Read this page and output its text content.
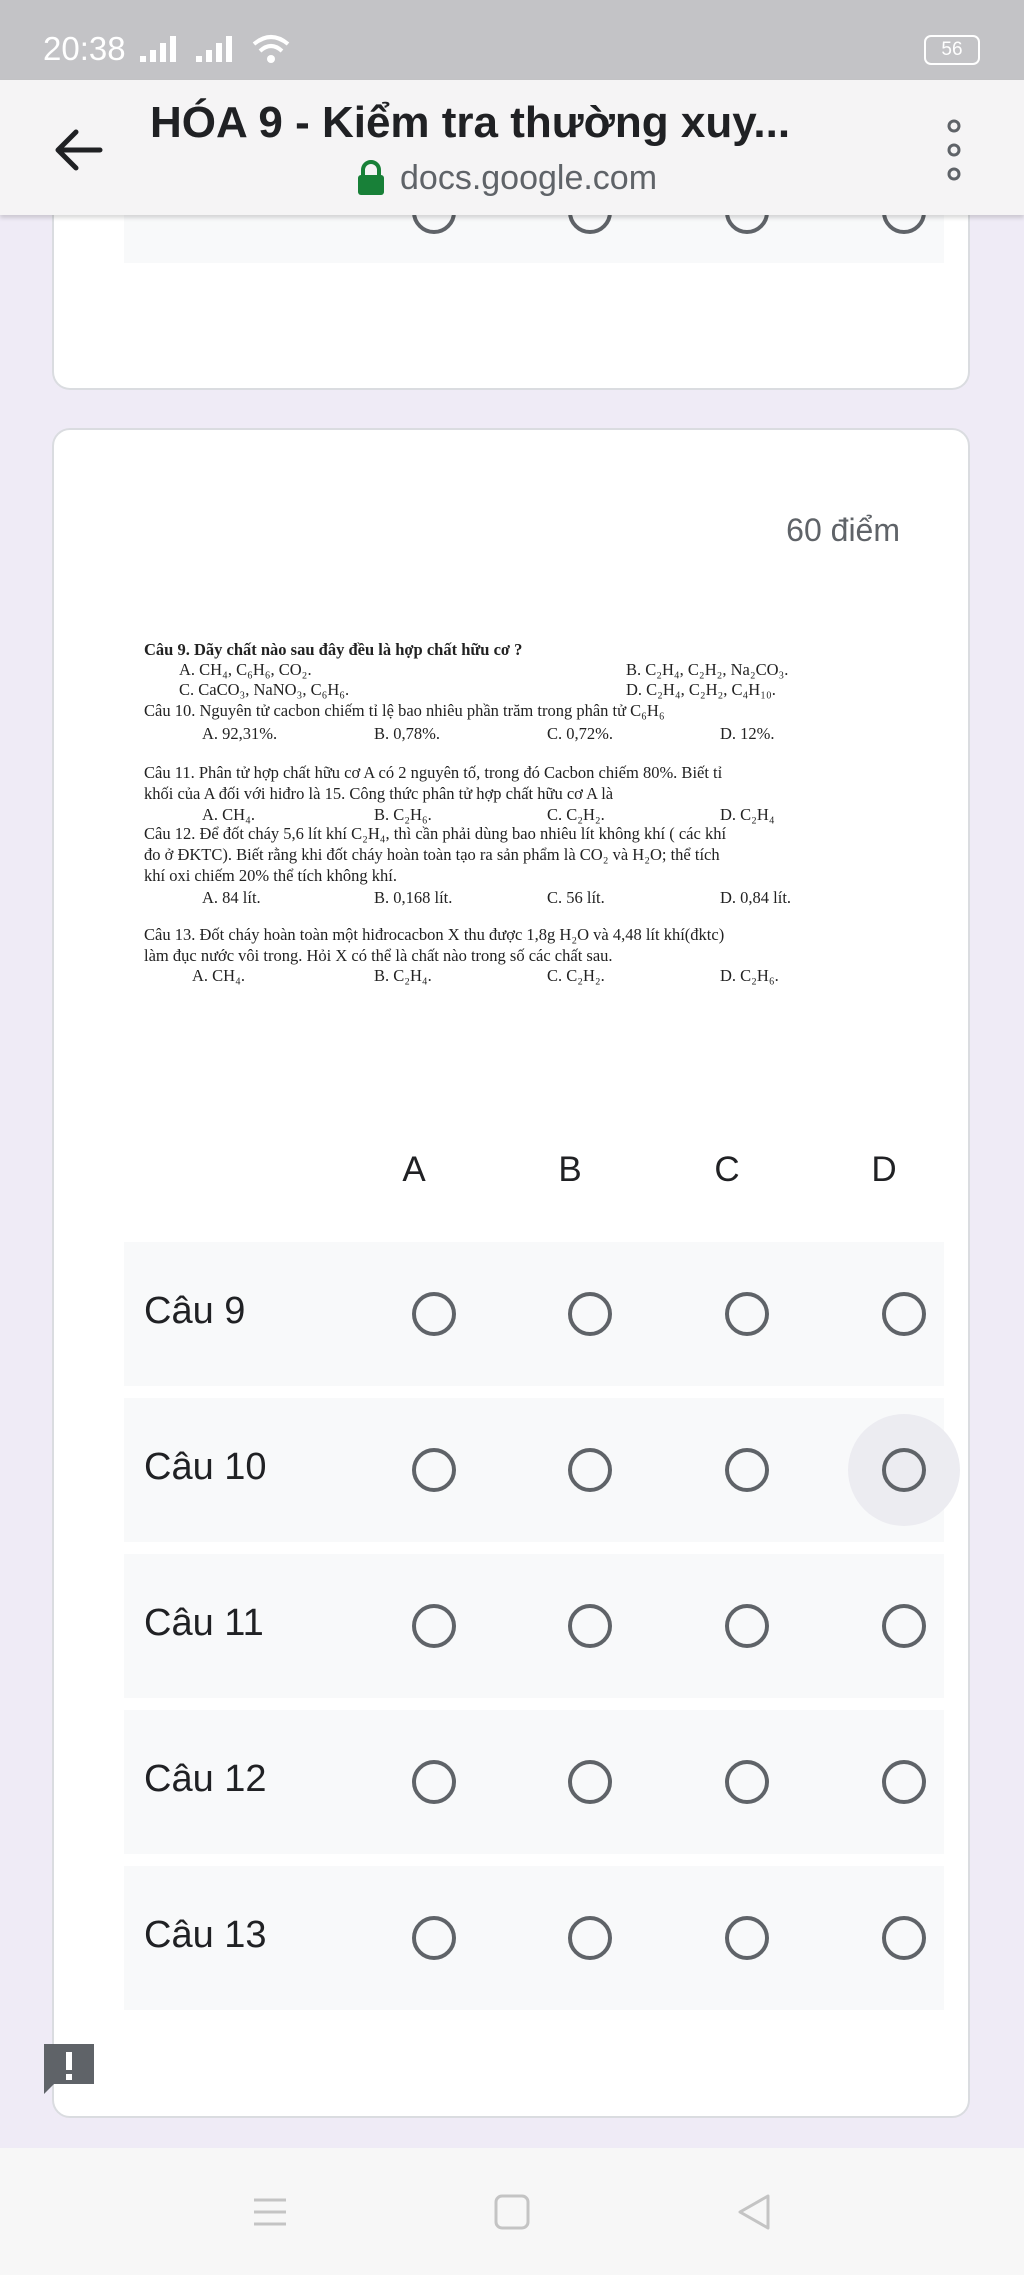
20:38	56
HÓA 9 - Kiểm tra thường xuy...
docs.google.com
60 điểm
Câu 9. Dãy chất nào sau đây đều là hợp chất hữu cơ ?
A. CH₄, C₆H₆, CO₂.	B. C₂H₄, C₂H₂, Na₂CO₃.
C. CaCO₃, NaNO₃, C₆H₆.	D. C₂H₄, C₂H₂, C₄H₁₀.
Câu 10. Nguyên tử cacbon chiếm tỉ lệ bao nhiêu phần trăm trong phân tử C₆H₆
A. 92,31%.	B. 0,78%.	C. 0,72%.	D. 12%.
Câu 11. Phân tử hợp chất hữu cơ A có 2 nguyên tố, trong đó Cacbon chiếm 80%. Biết tỉ
khối của A đối với hiđro là 15. Công thức phân tử hợp chất hữu cơ A là
A. CH₄.	B. C₂H₆.	C. C₂H₂.	D. C₂H₄
Câu 12. Để đốt cháy 5,6 lít khí C₂H₄, thì cần phải dùng bao nhiêu lít không khí ( các khí
đo ở ĐKTC). Biết rằng khi đốt cháy hoàn toàn tạo ra sản phẩm là CO₂ và H₂O; thể tích
khí oxi chiếm 20% thể tích không khí.
A. 84 lít.	B. 0,168 lít.	C. 56 lít.	D. 0,84 lít.
Câu 13. Đốt cháy hoàn toàn một hiđrocacbon X thu được 1,8g H₂O và 4,48 lít khí(đktc)
làm đục nước vôi trong. Hỏi X có thể là chất nào trong số các chất sau.
A. CH₄.	B. C₂H₄.	C. C₂H₂.	D. C₂H₆.
A	B	C	D
Câu 9
Câu 10
Câu 11
Câu 12
Câu 13
